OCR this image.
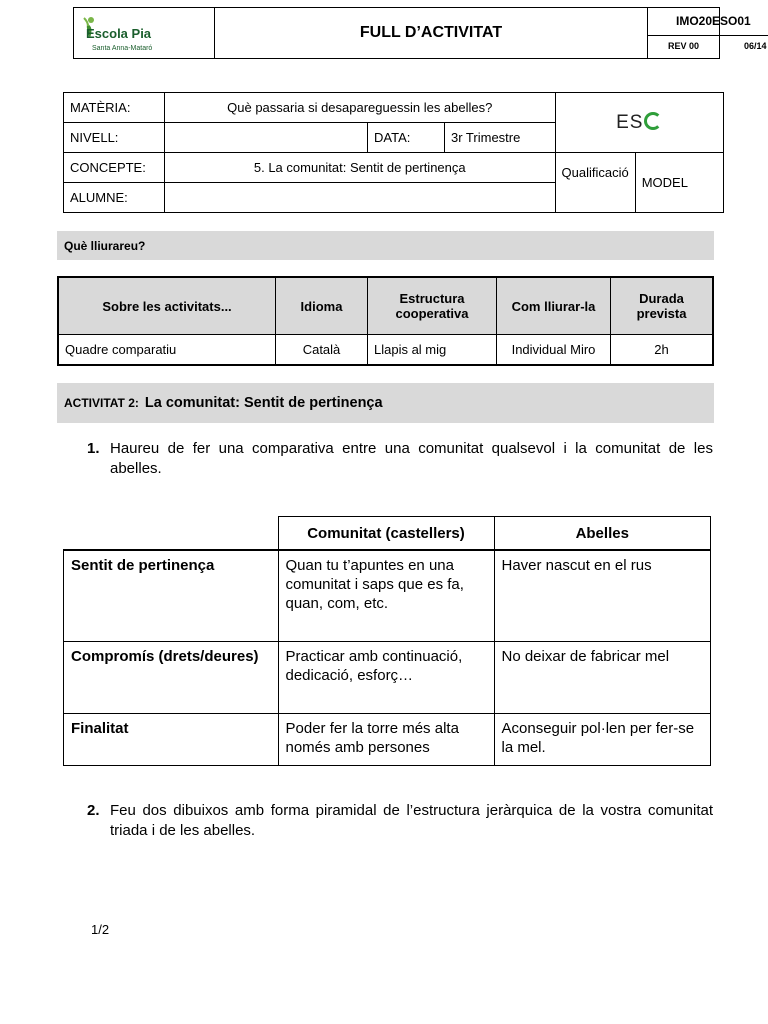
Escola Pia
Santa Anna-Mataró
FULL D’ACTIVITAT
IMO20ESO01
REV 00	06/14
MATÈRIA:	Què passaria si desapareguessin les abelles?			ES	
NIVELL:		DATA:	3r Trimestre		
CONCEPTE:	5. La comunitat: Sentit de pertinença			Qualificació	MODEL
ALUMNE:					
Què lliurareu?
Sobre les activitats...	Idioma	Estructura cooperativa	Com lliurar-la	Durada prevista
Quadre comparatiu	Català	Llapis al mig	Individual Miro	2h
ACTIVITAT 2: La comunitat: Sentit de pertinença
1. Haureu de fer una comparativa entre una comunitat qualsevol i la comunitat de les abelles.
	Comunitat (castellers)	Abelles
Sentit de pertinença	Quan tu t’apuntes en una comunitat i saps que es fa, quan, com, etc.	Haver nascut en el rus
Compromís (drets/deures)	Practicar amb continuació, dedicació, esforç…	No deixar de fabricar mel
Finalitat	Poder fer la torre més alta només amb persones	Aconseguir pol·len per fer-se la mel.
2. Feu dos dibuixos amb forma piramidal de l’estructura jeràrquica de la vostra comunitat triada i de les abelles.
1/2
